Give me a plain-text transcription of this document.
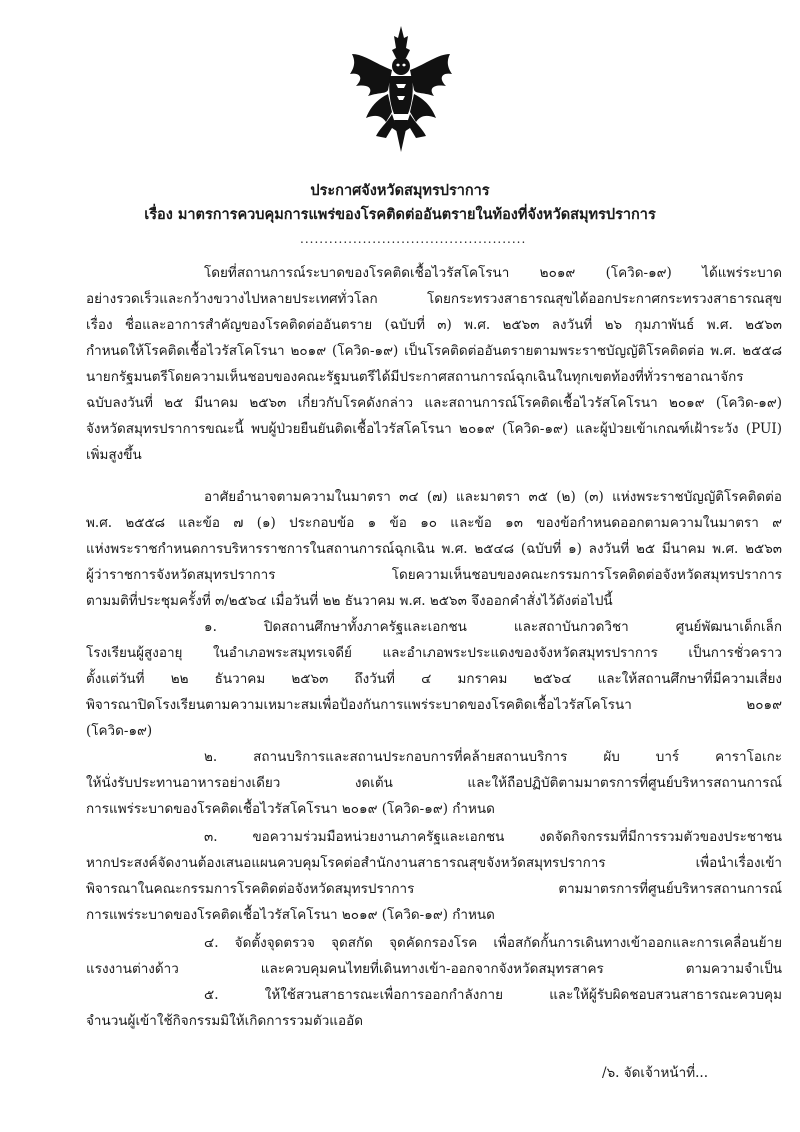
ประกาศจังหวัดสมุทรปราการ
เรื่อง มาตรการควบคุมการแพร่ของโรคติดต่ออันตรายในท้องที่จังหวัดสมุทรปราการ
...............................................
โดยที่สถานการณ์ระบาดของโรคติดเชื้อไวรัสโคโรนา ๒๐๑๙ (โควิด-๑๙) ได้แพร่ระบาด
อย่างรวดเร็วและกว้างขวางไปหลายประเทศทั่วโลก โดยกระทรวงสาธารณสุขได้ออกประกาศกระทรวงสาธารณสุข
เรื่อง ชื่อและอาการสำคัญของโรคติดต่ออันตราย (ฉบับที่ ๓) พ.ศ. ๒๕๖๓ ลงวันที่ ๒๖ กุมภาพันธ์ พ.ศ. ๒๕๖๓
กำหนดให้โรคติดเชื้อไวรัสโคโรนา ๒๐๑๙ (โควิด-๑๙) เป็นโรคติดต่ออันตรายตามพระราชบัญญัติโรคติดต่อ พ.ศ. ๒๕๕๘
นายกรัฐมนตรีโดยความเห็นชอบของคณะรัฐมนตรีได้มีประกาศสถานการณ์ฉุกเฉินในทุกเขตท้องที่ทั่วราชอาณาจักร
ฉบับลงวันที่ ๒๕ มีนาคม ๒๕๖๓ เกี่ยวกับโรคดังกล่าว และสถานการณ์โรคติดเชื้อไวรัสโคโรนา ๒๐๑๙ (โควิด-๑๙)
จังหวัดสมุทรปราการขณะนี้ พบผู้ป่วยยืนยันติดเชื้อไวรัสโคโรนา ๒๐๑๙ (โควิด-๑๙) และผู้ป่วยเข้าเกณฑ์เฝ้าระวัง (PUI)
เพิ่มสูงขึ้น
อาศัยอำนาจตามความในมาตรา ๓๔ (๗) และมาตรา ๓๕ (๒) (๓) แห่งพระราชบัญญัติโรคติดต่อ
พ.ศ. ๒๕๕๘ และข้อ ๗ (๑) ประกอบข้อ ๑ ข้อ ๑๐ และข้อ ๑๓ ของข้อกำหนดออกตามความในมาตรา ๙
แห่งพระราชกำหนดการบริหารราชการในสถานการณ์ฉุกเฉิน พ.ศ. ๒๕๔๘ (ฉบับที่ ๑) ลงวันที่ ๒๕ มีนาคม พ.ศ. ๒๕๖๓
ผู้ว่าราชการจังหวัดสมุทรปราการ โดยความเห็นชอบของคณะกรรมการโรคติดต่อจังหวัดสมุทรปราการ
ตามมติที่ประชุมครั้งที่ ๓/๒๕๖๔ เมื่อวันที่ ๒๒ ธันวาคม พ.ศ. ๒๕๖๓ จึงออกคำสั่งไว้ดังต่อไปนี้
๑. ปิดสถานศึกษาทั้งภาครัฐและเอกชน และสถาบันกวดวิชา ศูนย์พัฒนาเด็กเล็ก
โรงเรียนผู้สูงอายุ ในอำเภอพระสมุทรเจดีย์ และอำเภอพระประแดงของจังหวัดสมุทรปราการ เป็นการชั่วคราว
ตั้งแต่วันที่ ๒๒ ธันวาคม ๒๕๖๓ ถึงวันที่ ๔ มกราคม ๒๕๖๔ และให้สถานศึกษาที่มีความเสี่ยง
พิจารณาปิดโรงเรียนตามความเหมาะสมเพื่อป้องกันการแพร่ระบาดของโรคติดเชื้อไวรัสโคโรนา ๒๐๑๙
(โควิด-๑๙)
๒. สถานบริการและสถานประกอบการที่คล้ายสถานบริการ ผับ บาร์ คาราโอเกะ
ให้นั่งรับประทานอาหารอย่างเดียว งดเต้น และให้ถือปฏิบัติตามมาตรการที่ศูนย์บริหารสถานการณ์
การแพร่ระบาดของโรคติดเชื้อไวรัสโคโรนา ๒๐๑๙ (โควิด-๑๙) กำหนด
๓. ขอความร่วมมือหน่วยงานภาครัฐและเอกชน งดจัดกิจกรรมที่มีการรวมตัวของประชาชน
หากประสงค์จัดงานต้องเสนอแผนควบคุมโรคต่อสำนักงานสาธารณสุขจังหวัดสมุทรปราการ เพื่อนำเรื่องเข้า
พิจารณาในคณะกรรมการโรคติดต่อจังหวัดสมุทรปราการ ตามมาตรการที่ศูนย์บริหารสถานการณ์
การแพร่ระบาดของโรคติดเชื้อไวรัสโคโรนา ๒๐๑๙ (โควิด-๑๙) กำหนด
๔. จัดตั้งจุดตรวจ จุดสกัด จุดคัดกรองโรค เพื่อสกัดกั้นการเดินทางเข้าออกและการเคลื่อนย้าย
แรงงานต่างด้าว และควบคุมคนไทยที่เดินทางเข้า-ออกจากจังหวัดสมุทรสาคร ตามความจำเป็น
๕. ให้ใช้สวนสาธารณะเพื่อการออกกำลังกาย และให้ผู้รับผิดชอบสวนสาธารณะควบคุม
จำนวนผู้เข้าใช้กิจกรรมมิให้เกิดการรวมตัวแออัด
/๖. จัดเจ้าหน้าที่...
